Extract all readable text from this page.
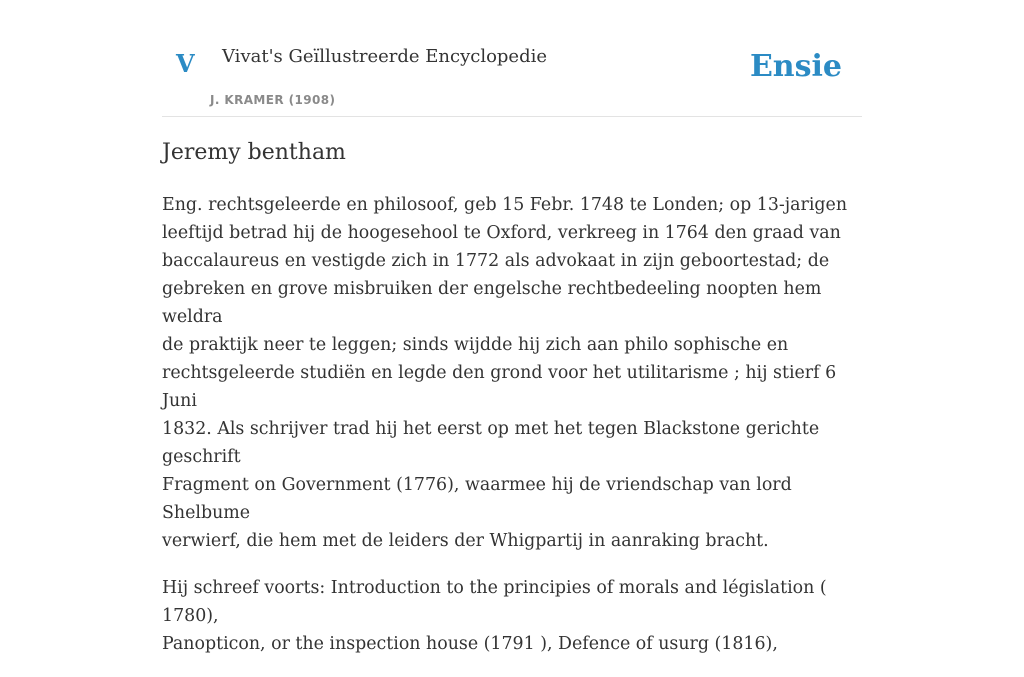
V Vivat's Geïllustreerde Encyclopedie
J. KRAMER (1908)
Ensie
Jeremy bentham

Eng. rechtsgeleerde en philosoof, geb 15 Febr. 1748 te Londen; op 13-jarigen
leeftijd betrad hij de hoogesehool te Oxford, verkreeg in 1764 den graad van
baccalaureus en vestigde zich in 1772 als advokaat in zijn geboortestad; de
gebreken en grove misbruiken der engelsche rechtbedeeling noopten hem weldra
de praktijk neer te leggen; sinds wijdde hij zich aan philo sophische en
rechtsgeleerde studiën en legde den grond voor het utilitarisme ; hij stierf 6 Juni
1832. Als schrijver trad hij het eerst op met het tegen Blackstone gerichte geschrift
Fragment on Government (1776), waarmee hij de vriendschap van lord Shelbume
verwierf, die hem met de leiders der Whigpartij in aanraking bracht.

Hij schreef voorts: Introduction to the principies of morals and législation ( 1780),
Panopticon, or the inspection house (1791 ), Defence of usurg (1816),
